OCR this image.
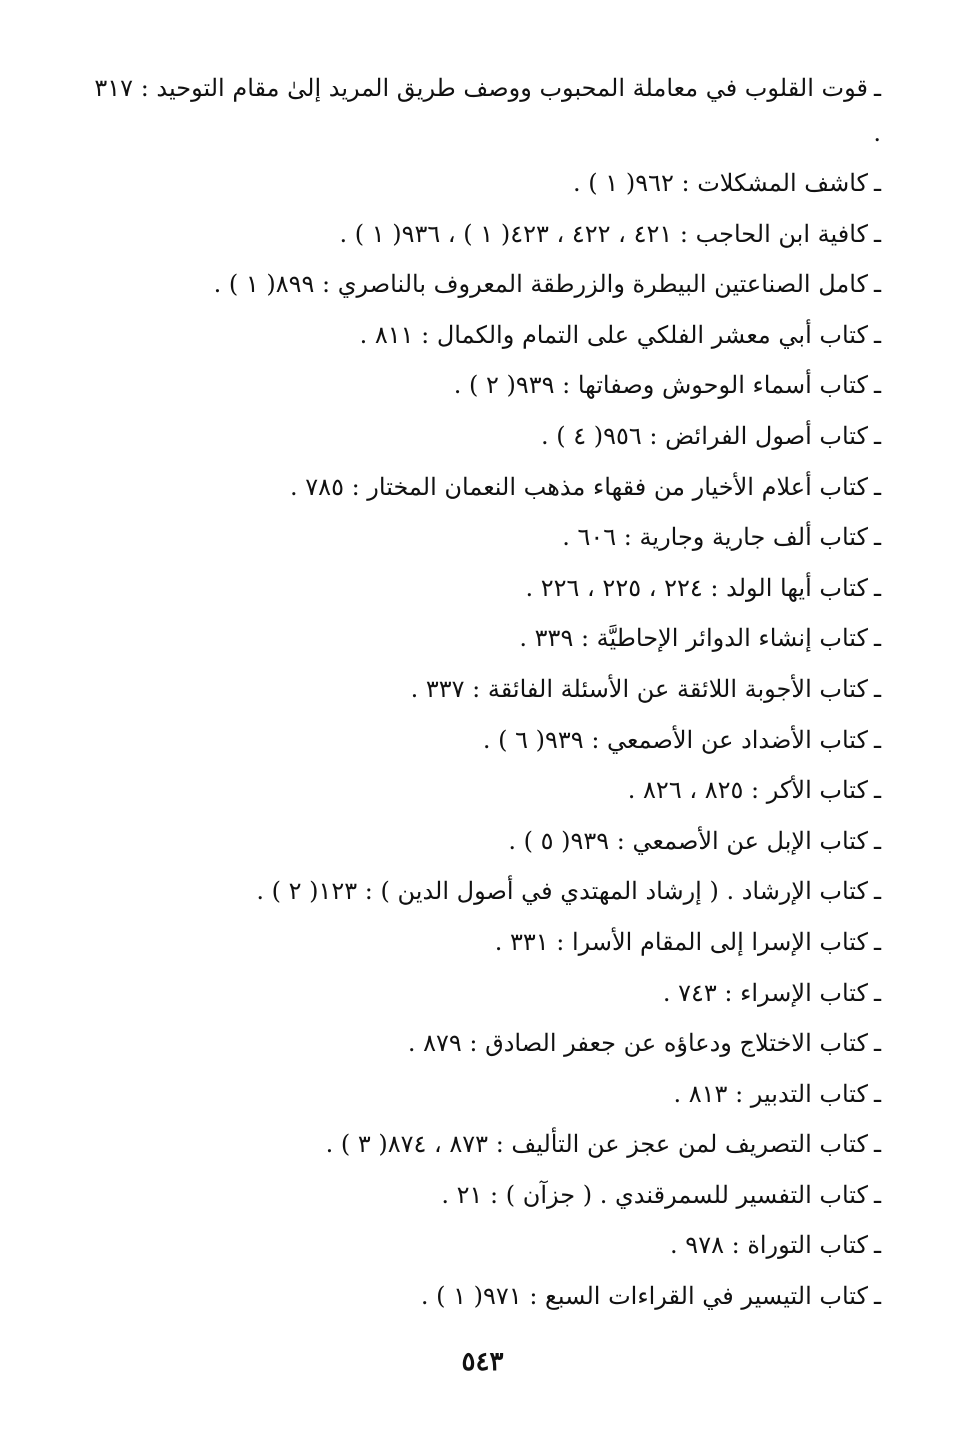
ـقوت القلوب في معاملة المحبوب ووصف طريق المريد إلىٰ مقام التوحيد : ٣١٧ .
ـكاشف المشكلات : ٩٦٢( ١ ) .
ـكافية ابن الحاجب : ٤٢١ ، ٤٢٢ ، ٤٢٣( ١ ) ، ٩٣٦( ١ ) .
ـكامل الصناعتين البيطرة والزرطقة المعروف بالناصري : ٨٩٩( ١ ) .
ـكتاب أبي معشر الفلكي على التمام والكمال : ٨١١ .
ـكتاب أسماء الوحوش وصفاتها : ٩٣٩( ٢ ) .
ـكتاب أصول الفرائض : ٩٥٦( ٤ ) .
ـكتاب أعلام الأخيار من فقهاء مذهب النعمان المختار : ٧٨٥ .
ـكتاب ألف جارية وجارية : ٦٠٦ .
ـكتاب أيها الولد : ٢٢٤ ، ٢٢٥ ، ٢٢٦ .
ـكتاب إنشاء الدوائر الإحاطيَّة : ٣٣٩ .
ـكتاب الأجوبة اللائقة عن الأسئلة الفائقة : ٣٣٧ .
ـكتاب الأضداد عن الأصمعي : ٩٣٩( ٦ ) .
ـكتاب الأكر : ٨٢٥ ، ٨٢٦ .
ـكتاب الإبل عن الأصمعي : ٩٣٩( ٥ ) .
ـكتاب الإرشاد . ( إرشاد المهتدي في أصول الدين ) : ١٢٣( ٢ ) .
ـكتاب الإسرا إلى المقام الأسرا : ٣٣١ .
ـكتاب الإسراء : ٧٤٣ .
ـكتاب الاختلاج ودعاؤه عن جعفر الصادق : ٨٧٩ .
ـكتاب التدبير : ٨١٣ .
ـكتاب التصريف لمن عجز عن التأليف : ٨٧٣ ، ٨٧٤( ٣ ) .
ـكتاب التفسير للسمرقندي . ( جزآن ) : ٢١ .
ـكتاب التوراة : ٩٧٨ .
ـكتاب التيسير في القراءات السبع : ٩٧١( ١ ) .
٥٤٣
